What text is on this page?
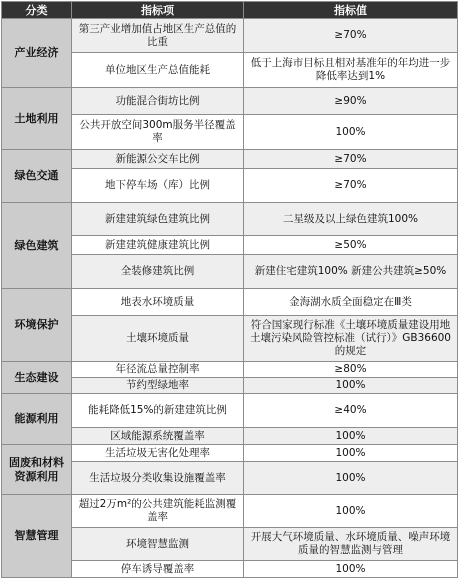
分类	指标项	指标值
产业经济	第三产业增加值占地区生产总值的比重	≥70%
	单位地区生产总值能耗	低于上海市目标且相对基准年的年均进一步降低率达到1%
土地利用	功能混合街坊比例	≥90%
	公共开放空间300m服务半径覆盖率	100%
绿色交通	新能源公交车比例	≥70%
	地下停车场（库）比例	≥70%
绿色建筑	新建建筑绿色建筑比例	二星级及以上绿色建筑100%
	新建建筑健康建筑比例	≥50%
	全装修建筑比例	新建住宅建筑100% 新建公共建筑≥50%
环境保护	地表水环境质量	金海湖水质全面稳定在Ⅲ类
	土壤环境质量	符合国家现行标准《土壤环境质量建设用地土壤污染风险管控标准（试行）》GB36600的规定
生态建设	年径流总量控制率	≥80%
	节约型绿地率	100%
能源利用	能耗降低15%的新建建筑比例	≥40%
	区域能源系统覆盖率	100%
固废和材料资源利用	生活垃圾无害化处理率	100%
	生活垃圾分类收集设施覆盖率	100%
智慧管理	超过2万m²的公共建筑能耗监测覆盖率	100%
	环境智慧监测	开展大气环境质量、水环境质量、噪声环境质量的智慧监测与管理
	停车诱导覆盖率	100%
